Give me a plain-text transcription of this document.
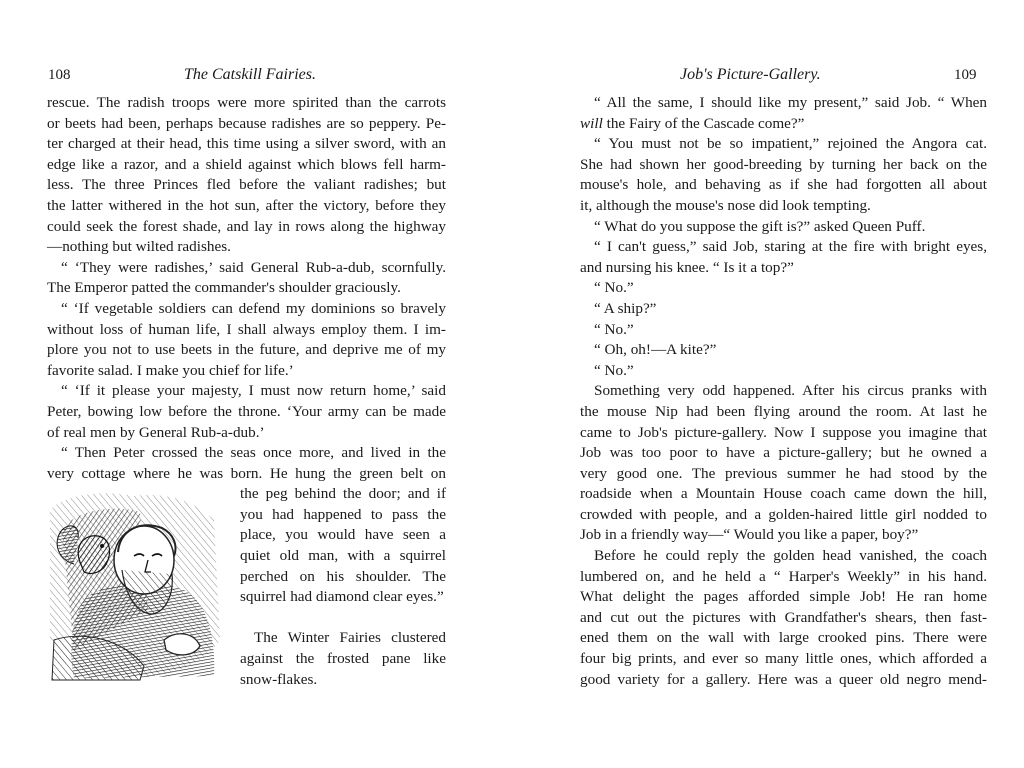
108	The Catskill Fairies.
rescue. The radish troops were more spirited than the carrots
or beets had been, perhaps because radishes are so peppery. Pe-
ter charged at their head, this time using a silver sword, with an
edge like a razor, and a shield against which blows fell harm-
less. The three Princes fled before the valiant radishes; but
the latter withered in the hot sun, after the victory, before they
could seek the forest shade, and lay in rows along the highway
—nothing but wilted radishes.
“ ‘They were radishes,’ said General Rub-a-dub, scornfully.
The Emperor patted the commander's shoulder graciously.
“ ‘If vegetable soldiers can defend my dominions so bravely
without loss of human life, I shall always employ them. I im-
plore you not to use beets in the future, and deprive me of my
favorite salad. I make you chief for life.’
“ ‘If it please your majesty, I must now return home,’ said
Peter, bowing low before the throne. ‘Your army can be made
of real men by General Rub-a-dub.’
“ Then Peter crossed the seas once more, and lived in the
very cottage where he was born. He hung the green belt on
the peg behind the door; and if
you had happened to pass the
place, you would have seen a
quiet old man, with a squirrel
perched on his shoulder. The
squirrel had diamond clear eyes.”
The Winter Fairies clustered
against the frosted pane like
snow-flakes.
Job's Picture-Gallery.	109
“ All the same, I should like my present,” said Job. “ When
will the Fairy of the Cascade come?”
“ You must not be so impatient,” rejoined the Angora cat.
She had shown her good-breeding by turning her back on the
mouse's hole, and behaving as if she had forgotten all about
it, although the mouse's nose did look tempting.
“ What do you suppose the gift is?” asked Queen Puff.
“ I can't guess,” said Job, staring at the fire with bright eyes,
and nursing his knee. “ Is it a top?”
“ No.”
“ A ship?”
“ No.”
“ Oh, oh!—A kite?”
“ No.”
Something very odd happened. After his circus pranks with
the mouse Nip had been flying around the room. At last he
came to Job's picture-gallery. Now I suppose you imagine that
Job was too poor to have a picture-gallery; but he owned a
very good one. The previous summer he had stood by the
roadside when a Mountain House coach came down the hill,
crowded with people, and a golden-haired little girl nodded to
Job in a friendly way—“ Would you like a paper, boy?”
Before he could reply the golden head vanished, the coach
lumbered on, and he held a “ Harper's Weekly” in his hand.
What delight the pages afforded simple Job! He ran home
and cut out the pictures with Grandfather's shears, then fast-
ened them on the wall with large crooked pins. There were
four big prints, and ever so many little ones, which afforded a
good variety for a gallery. Here was a queer old negro mend-
